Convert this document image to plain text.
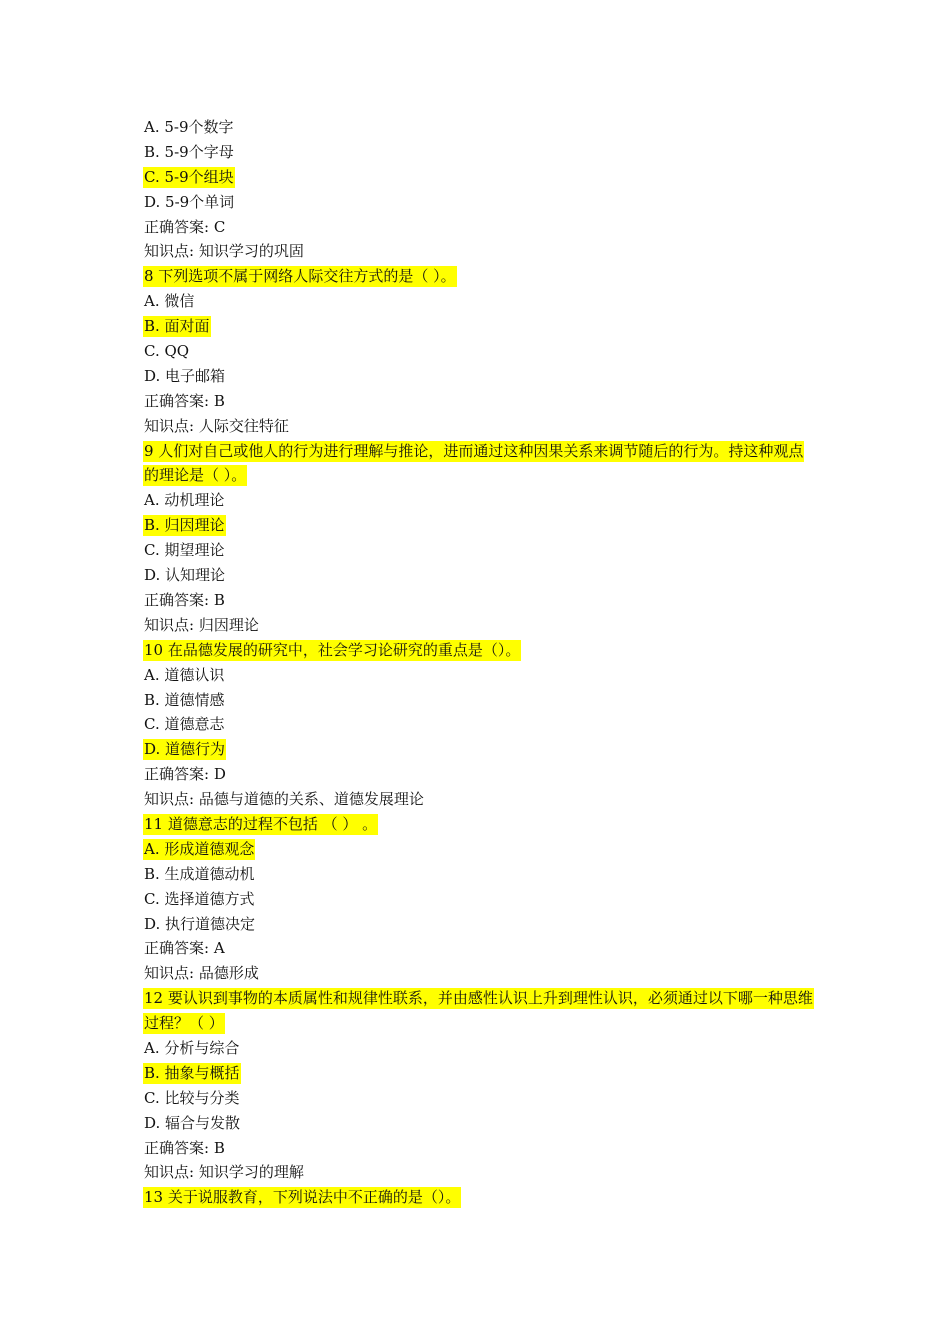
A. 5-9个数字
B. 5-9个字母
C. 5-9个组块
D. 5-9个单词
正确答案: C
知识点: 知识学习的巩固
8 下列选项不属于网络人际交往方式的是（ ）。
A. 微信
B. 面对面
C. QQ
D. 电子邮箱
正确答案: B
知识点: 人际交往特征
9 人们对自己或他人的行为进行理解与推论，进而通过这种因果关系来调节随后的行为。持这种观点的理论是（ ）。
A. 动机理论
B. 归因理论
C. 期望理论
D. 认知理论
正确答案: B
知识点: 归因理论
10 在品德发展的研究中，社会学习论研究的重点是（）。
A. 道德认识
B. 道德情感
C. 道德意志
D. 道德行为
正确答案: D
知识点: 品德与道德的关系、道德发展理论
11 道德意志的过程不包括 （ ） 。
A. 形成道德观念
B. 生成道德动机
C. 选择道德方式
D. 执行道德决定
正确答案: A
知识点: 品德形成
12 要认识到事物的本质属性和规律性联系，并由感性认识上升到理性认识，必须通过以下哪一种思维过程？（ ）
A. 分析与综合
B. 抽象与概括
C. 比较与分类
D. 辐合与发散
正确答案: B
知识点: 知识学习的理解
13 关于说服教育，下列说法中不正确的是（）。
